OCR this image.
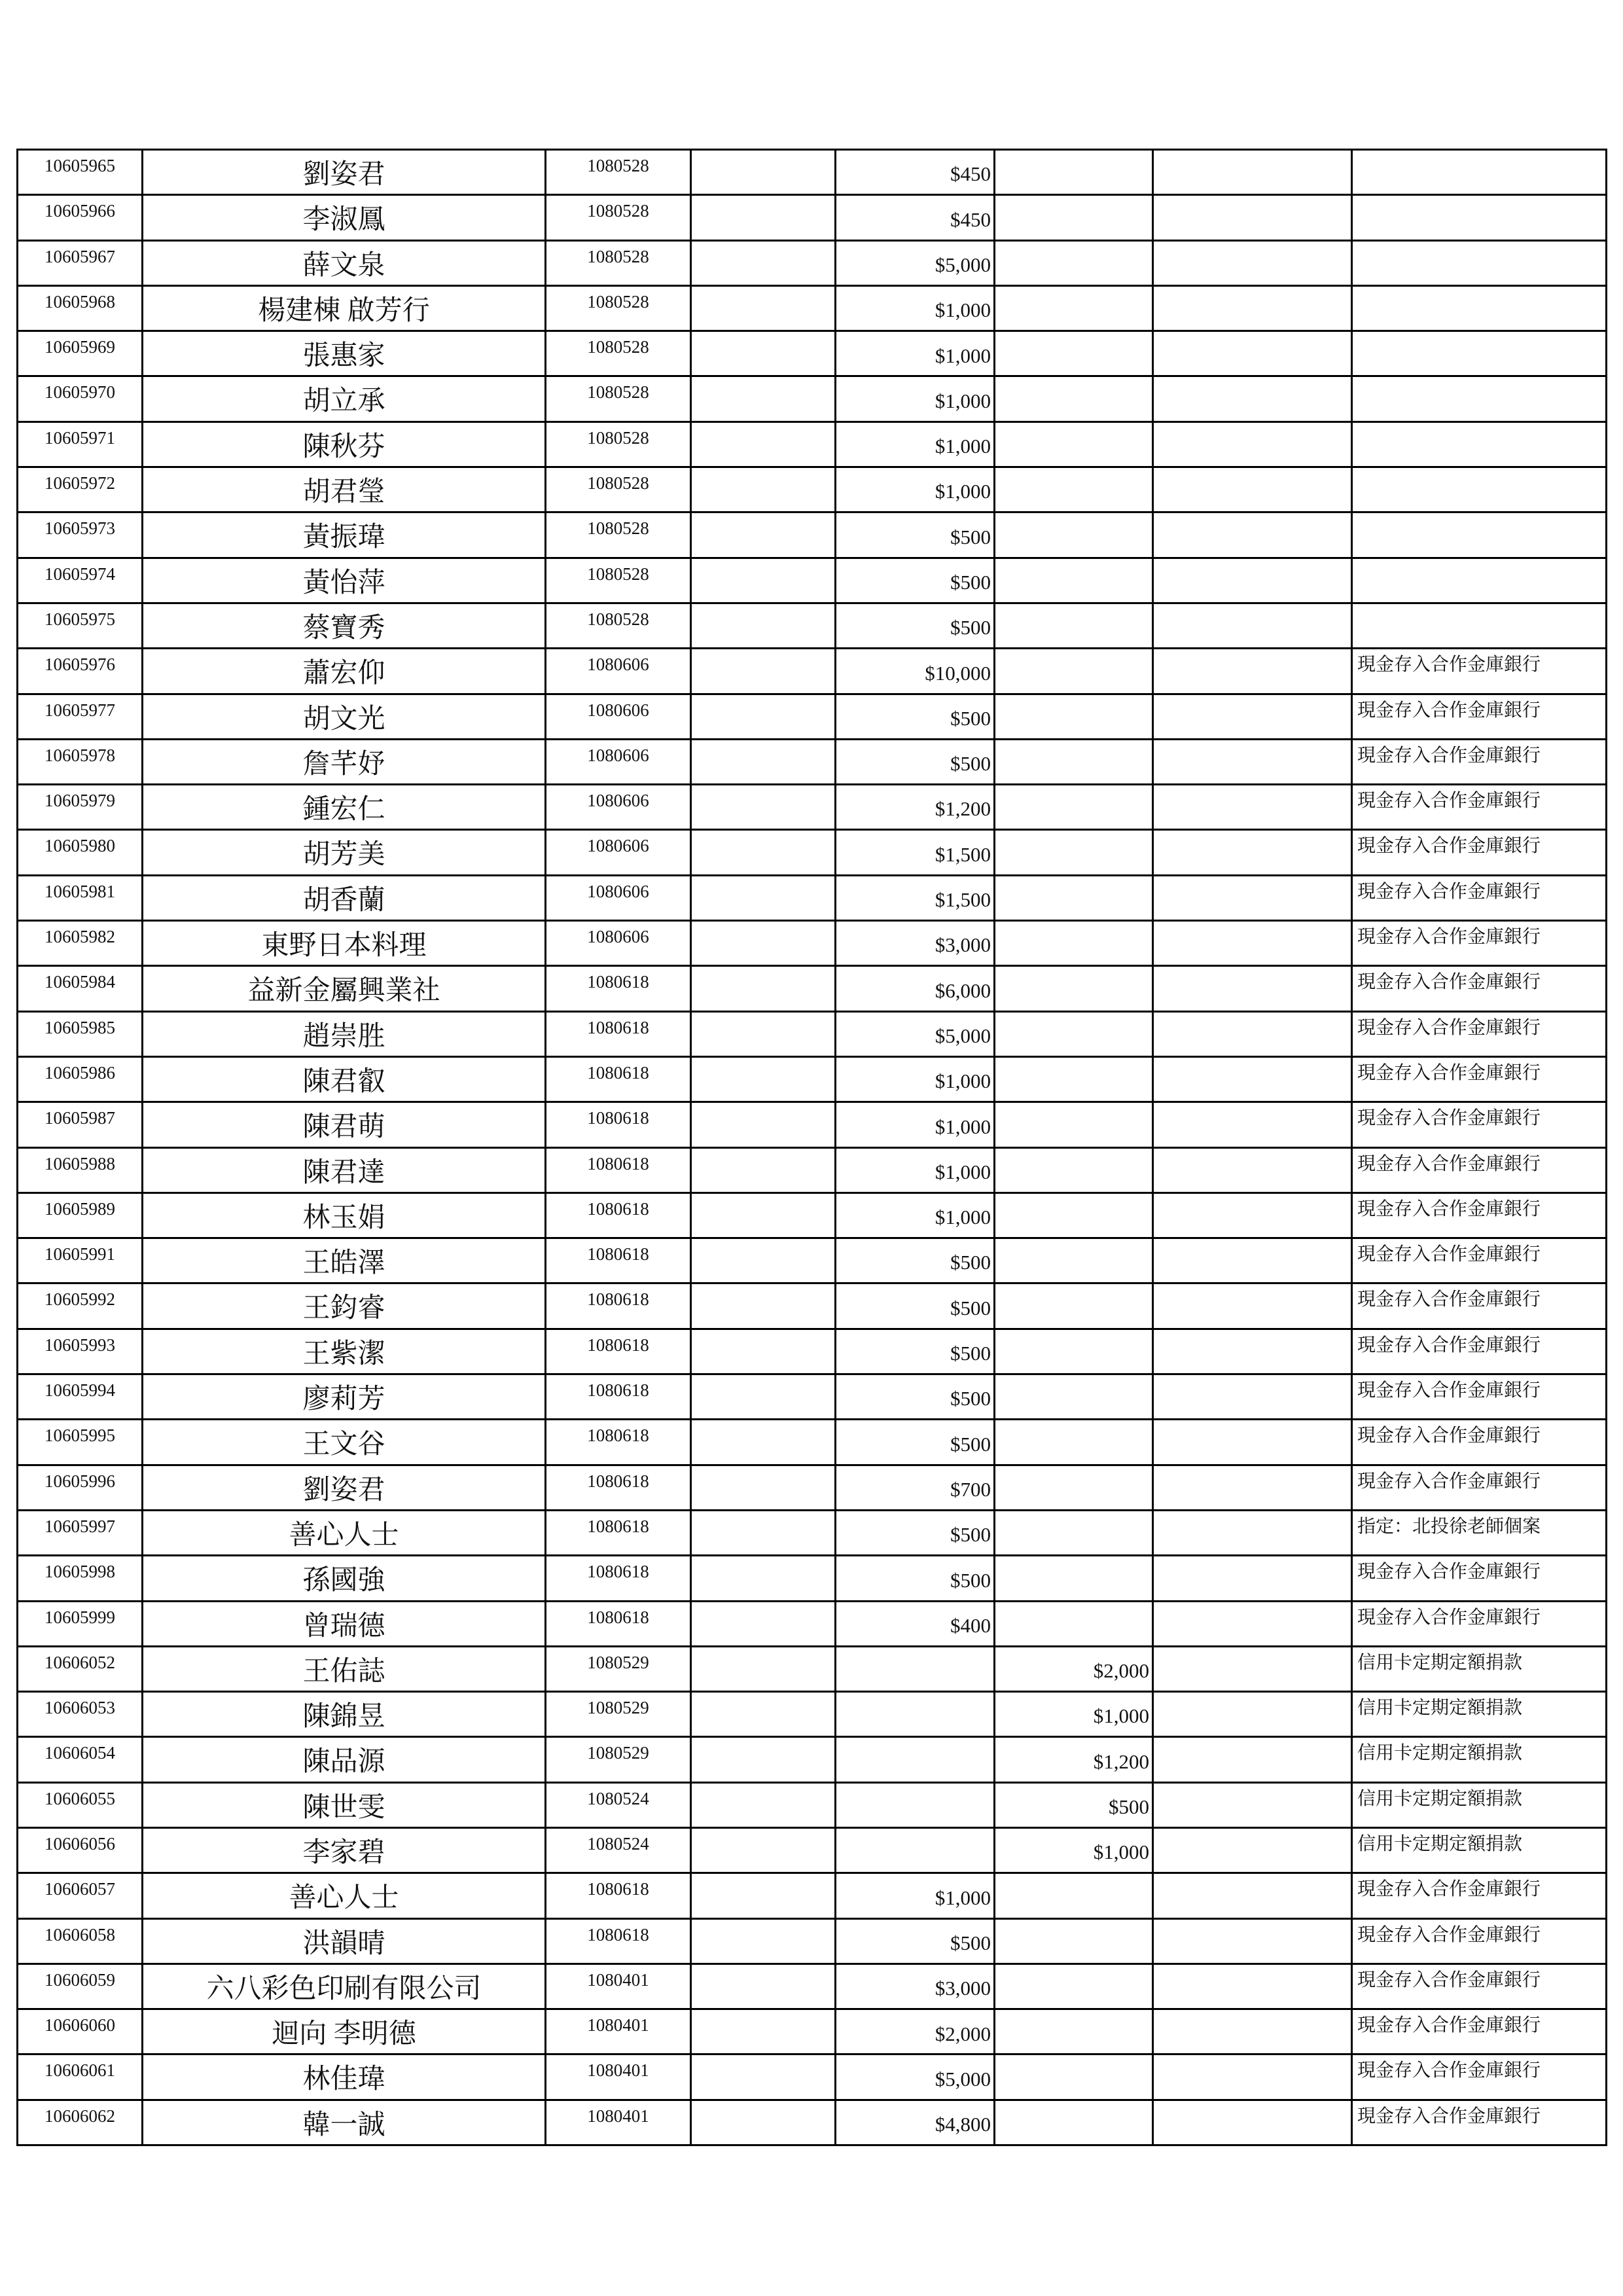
10605965	劉姿君	1080528		$450			
10605966	李淑鳳	1080528		$450			
10605967	薛文泉	1080528		$5,000			
10605968	楊建棟 啟芳行	1080528		$1,000			
10605969	張惠家	1080528		$1,000			
10605970	胡立承	1080528		$1,000			
10605971	陳秋芬	1080528		$1,000			
10605972	胡君瑩	1080528		$1,000			
10605973	黃振瑋	1080528		$500			
10605974	黃怡萍	1080528		$500			
10605975	蔡寶秀	1080528		$500			
10605976	蕭宏仰	1080606		$10,000			現金存入合作金庫銀行
10605977	胡文光	1080606		$500			現金存入合作金庫銀行
10605978	詹芊妤	1080606		$500			現金存入合作金庫銀行
10605979	鍾宏仁	1080606		$1,200			現金存入合作金庫銀行
10605980	胡芳美	1080606		$1,500			現金存入合作金庫銀行
10605981	胡香蘭	1080606		$1,500			現金存入合作金庫銀行
10605982	東野日本料理	1080606		$3,000			現金存入合作金庫銀行
10605984	益新金屬興業社	1080618		$6,000			現金存入合作金庫銀行
10605985	趙崇胜	1080618		$5,000			現金存入合作金庫銀行
10605986	陳君叡	1080618		$1,000			現金存入合作金庫銀行
10605987	陳君萌	1080618		$1,000			現金存入合作金庫銀行
10605988	陳君達	1080618		$1,000			現金存入合作金庫銀行
10605989	林玉娟	1080618		$1,000			現金存入合作金庫銀行
10605991	王皓澤	1080618		$500			現金存入合作金庫銀行
10605992	王鈞睿	1080618		$500			現金存入合作金庫銀行
10605993	王紫潔	1080618		$500			現金存入合作金庫銀行
10605994	廖莉芳	1080618		$500			現金存入合作金庫銀行
10605995	王文谷	1080618		$500			現金存入合作金庫銀行
10605996	劉姿君	1080618		$700			現金存入合作金庫銀行
10605997	善心人士	1080618		$500			指定：北投徐老師個案
10605998	孫國強	1080618		$500			現金存入合作金庫銀行
10605999	曾瑞德	1080618		$400			現金存入合作金庫銀行
10606052	王佑誌	1080529			$2,000		信用卡定期定額捐款
10606053	陳錦昱	1080529			$1,000		信用卡定期定額捐款
10606054	陳品源	1080529			$1,200		信用卡定期定額捐款
10606055	陳世雯	1080524			$500		信用卡定期定額捐款
10606056	李家碧	1080524			$1,000		信用卡定期定額捐款
10606057	善心人士	1080618		$1,000			現金存入合作金庫銀行
10606058	洪韻晴	1080618		$500			現金存入合作金庫銀行
10606059	六八彩色印刷有限公司	1080401		$3,000			現金存入合作金庫銀行
10606060	迴向 李明德	1080401		$2,000			現金存入合作金庫銀行
10606061	林佳瑋	1080401		$5,000			現金存入合作金庫銀行
10606062	韓一誠	1080401		$4,800			現金存入合作金庫銀行
